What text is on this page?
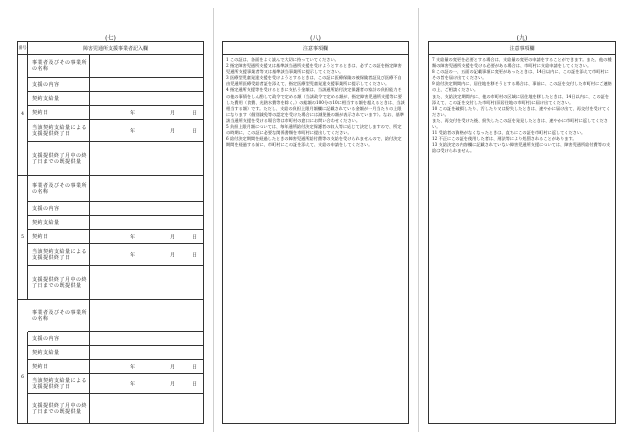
(七)	(八)	(九)
番号	障害児通所支援事業者記入欄
4
事業者及びその事業所の名称
支援の内容
契約支給量
契約日	年	月	日
当該契約支給量による支援提供終了日	年	月	日
支援提供終了月中の終了日までの既提供量
5
事業者及びその事業所の名称
支援の内容
契約支給量
契約日	年	月	日
当該契約支給量による支援提供終了日	年	月	日
支援提供終了月中の終了日までの既提供量
6
事業者及びその事業所の名称
支援の内容
契約支給量
契約日	年	月	日
当該契約支給量による支援提供終了日	年	月	日
支援提供終了月中の終了日までの既提供量
注意事項欄

1 この証は、各面をよく読んで大切に持っていてください。

2 指定障害児通所支援又は基準該当通所支援を受けようとするときは、必ずこの証を指定障害児通所支援事業者等又は基準該当事業所に提示してください。

3 医療型児童発達支援を受けようとするときは、この証に医療保険の被保険者証及び医療不自由児通所医療受給者証を添えて、指定医療型児童発達支援事業所に提示してください。

4 指定通所支援等を受けるときに支払う金額は、当該通所給付決定保護者の家計の負担能力その他の事情をしん酌して政令で定める額（当該政令で定める額が、指定障害児通所支援等に要した費用（食費、光熱水費等を除く。）の総額の100分の10に相当する額を超えるときは、当該相当する額）です。ただし、支給の負担上限月額欄に記載されている金額が一月当たりの上限になります（個別減免等の認定を受けた場合には減免後の額が表示されています）。なお、基準該当通所支援を受ける場合等は市町村の窓口にお問い合わせください。

5 負担上限月額については、毎年通所給付決定保護者の収入等に応じて決定しますので、所定の時期に、この証に必要な関係書類を市町村に提出してください。

6 給付決定期間を経過したときの障害児通所給付費等の支給を受けられませんので、給付決定期間を経過する前に、市町村にこの証を添えて、支給の申請をしてください。

注意事項欄

7 支給量の変更を必要とする場合は、支給量の変更の申請をすることができます。また、他の種類の障害児通所支援を受ける必要がある場合は、市町村に支給申請をしてください。

8 この証の一、五面の記載事項に変更があったときは、14日以内に、この証を添えて市町村にその旨を届け出てください。

9 給付決定期間内に、居住地を移そうとする場合は、事前に、この証を交付した市町村にご連絡の上、ご相談ください。

また、支給決定期間内に、他の市町村の区域に居住地を移したときは、14日以内に、この証を添えて、この証を交付した市町村(旧居住地の市町村)に届け出てください。

10 この証を破損したり、汚したり又は紛失したときは、速やかに届け出て、再交付を受けてください。

また、再交付を受けた後、紛失したこの証を発見したときは、速やかに市町村に返してください。

11 受給者の資格がなくなったときは、直ちにこの証を市町村に返してください。

12 不正にこの証を使用した者は、刑法等により処罰されることがあります。

13 支給決定の内容欄に記載されていない障害児通所支援については、障害児通所給付費等の支給は受けられません。
